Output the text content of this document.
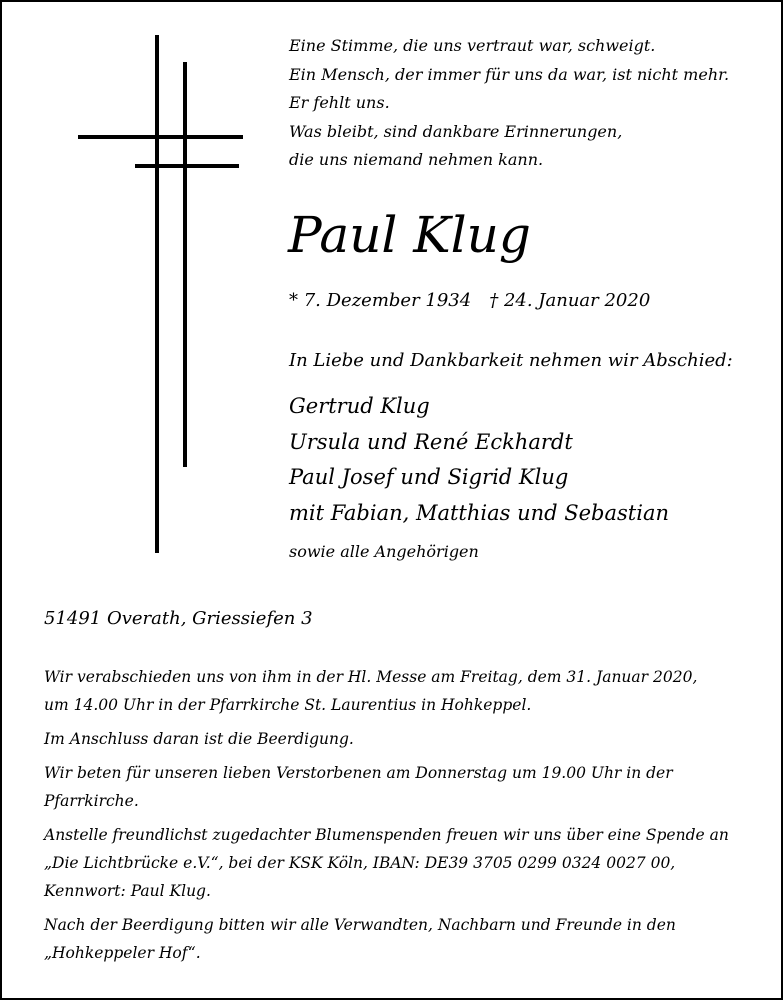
Eine Stimme, die uns vertraut war, schweigt.
Ein Mensch, der immer für uns da war, ist nicht mehr.
Er fehlt uns.
Was bleibt, sind dankbare Erinnerungen,
die uns niemand nehmen kann.
Paul Klug
* 7. Dezember 1934 † 24. Januar 2020
In Liebe und Dankbarkeit nehmen wir Abschied:
Gertrud Klug
Ursula und René Eckhardt
Paul Josef und Sigrid Klug
mit Fabian, Matthias und Sebastian
sowie alle Angehörigen
51491 Overath, Griessiefen 3

Wir verabschieden uns von ihm in der Hl. Messe am Freitag, dem 31. Januar 2020,
um 14.00 Uhr in der Pfarrkirche St. Laurentius in Hohkeppel.

Im Anschluss daran ist die Beerdigung.

Wir beten für unseren lieben Verstorbenen am Donnerstag um 19.00 Uhr in der
Pfarrkirche.

Anstelle freundlichst zugedachter Blumenspenden freuen wir uns über eine Spende an
„Die Lichtbrücke e.V.“, bei der KSK Köln, IBAN: DE39 3705 0299 0324 0027 00,
Kennwort: Paul Klug.

Nach der Beerdigung bitten wir alle Verwandten, Nachbarn und Freunde in den
„Hohkeppeler Hof“.
